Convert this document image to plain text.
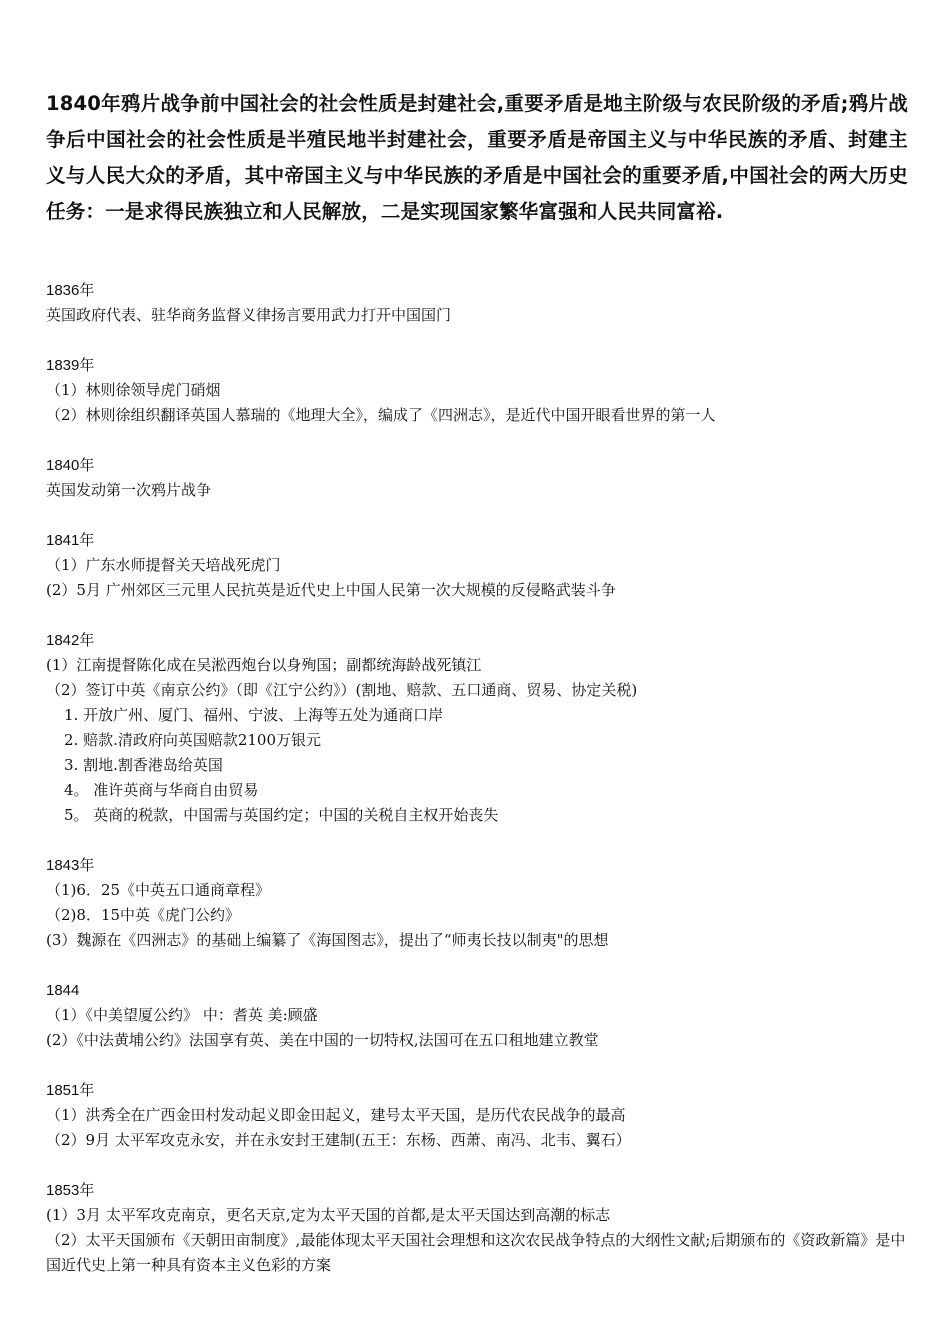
1840年鸦片战争前中国社会的社会性质是封建社会,重要矛盾是地主阶级与农民阶级的矛盾;鸦片战争后中国社会的社会性质是半殖民地半封建社会，重要矛盾是帝国主义与中华民族的矛盾、封建主义与人民大众的矛盾，其中帝国主义与中华民族的矛盾是中国社会的重要矛盾,中国社会的两大历史任务：一是求得民族独立和人民解放，二是实现国家繁华富强和人民共同富裕.

1836年

英国政府代表、驻华商务监督义律扬言要用武力打开中国国门

1839年

（1）林则徐领导虎门硝烟

（2）林则徐组织翻译英国人慕瑞的《地理大全》，编成了《四洲志》，是近代中国开眼看世界的第一人

1840年

英国发动第一次鸦片战争

1841年

（1）广东水师提督关天培战死虎门

(2）5月 广州郊区三元里人民抗英是近代史上中国人民第一次大规模的反侵略武装斗争

1842年

(1）江南提督陈化成在吴淞西炮台以身殉国；副都统海龄战死镇江

（2）签订中英《南京公约》（即《江宁公约》）(割地、赔款、五口通商、贸易、协定关税)

1. 开放广州、厦门、福州、宁波、上海等五处为通商口岸

2. 赔款.清政府向英国赔款2100万银元

3. 割地.割香港岛给英国

4。 准许英商与华商自由贸易

5。 英商的税款，中国需与英国约定；中国的关税自主权开始丧失

1843年

（1)6．25《中英五口通商章程》

（2)8．15中英《虎门公约》

(3）魏源在《四洲志》的基础上编纂了《海国图志》，提出了“师夷长技以制夷"的思想

1844

（1）《中美望厦公约》 中：耆英 美:顾盛

(2）《中法黄埔公约》法国享有英、美在中国的一切特权,法国可在五口租地建立教堂

1851年

（1）洪秀全在广西金田村发动起义即金田起义，建号太平天国，是历代农民战争的最高

（2）9月 太平军攻克永安，并在永安封王建制(五王：东杨、西萧、南冯、北韦、翼石）

1853年

(1）3月 太平军攻克南京，更名天京,定为太平天国的首都,是太平天国达到高潮的标志

（2）太平天国颁布《天朝田亩制度》,最能体现太平天国社会理想和这次农民战争特点的大纲性文献;后期颁布的《资政新篇》是中国近代史上第一种具有资本主义色彩的方案
